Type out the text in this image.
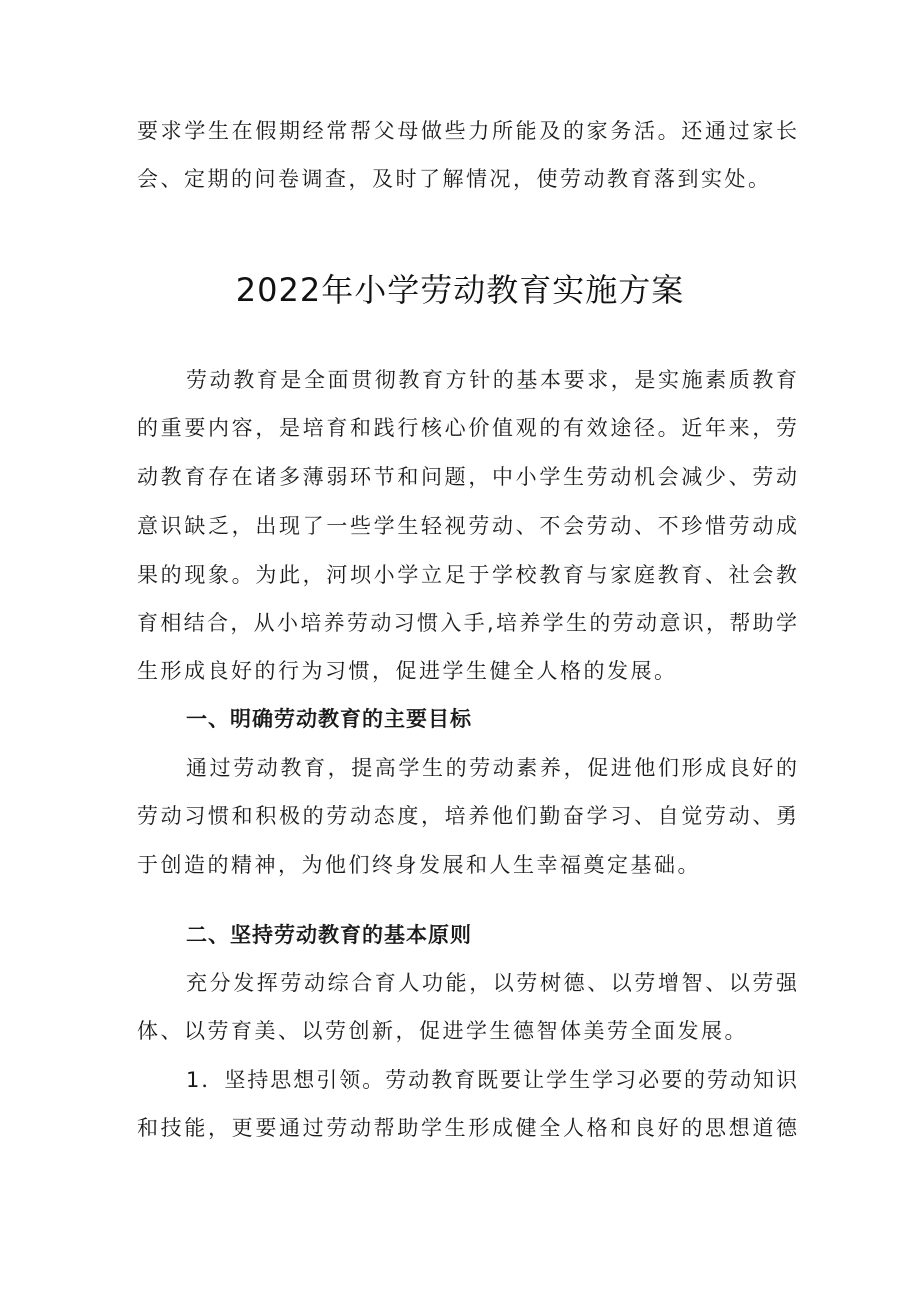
要求学生在假期经常帮父母做些力所能及的家务活。还通过家长
会、定期的问卷调查，及时了解情况，使劳动教育落到实处。
2022年小学劳动教育实施方案
劳动教育是全面贯彻教育方针的基本要求，是实施素质教育
的重要内容，是培育和践行核心价值观的有效途径。近年来，劳
动教育存在诸多薄弱环节和问题，中小学生劳动机会减少、劳动
意识缺乏，出现了一些学生轻视劳动、不会劳动、不珍惜劳动成
果的现象。为此，河坝小学立足于学校教育与家庭教育、社会教
育相结合，从小培养劳动习惯入手,培养学生的劳动意识，帮助学
生形成良好的行为习惯，促进学生健全人格的发展。
一、明确劳动教育的主要目标
通过劳动教育，提高学生的劳动素养，促进他们形成良好的
劳动习惯和积极的劳动态度，培养他们勤奋学习、自觉劳动、勇
于创造的精神，为他们终身发展和人生幸福奠定基础。
二、坚持劳动教育的基本原则
充分发挥劳动综合育人功能，以劳树德、以劳增智、以劳强
体、以劳育美、以劳创新，促进学生德智体美劳全面发展。
1．坚持思想引领。劳动教育既要让学生学习必要的劳动知识
和技能，更要通过劳动帮助学生形成健全人格和良好的思想道德
